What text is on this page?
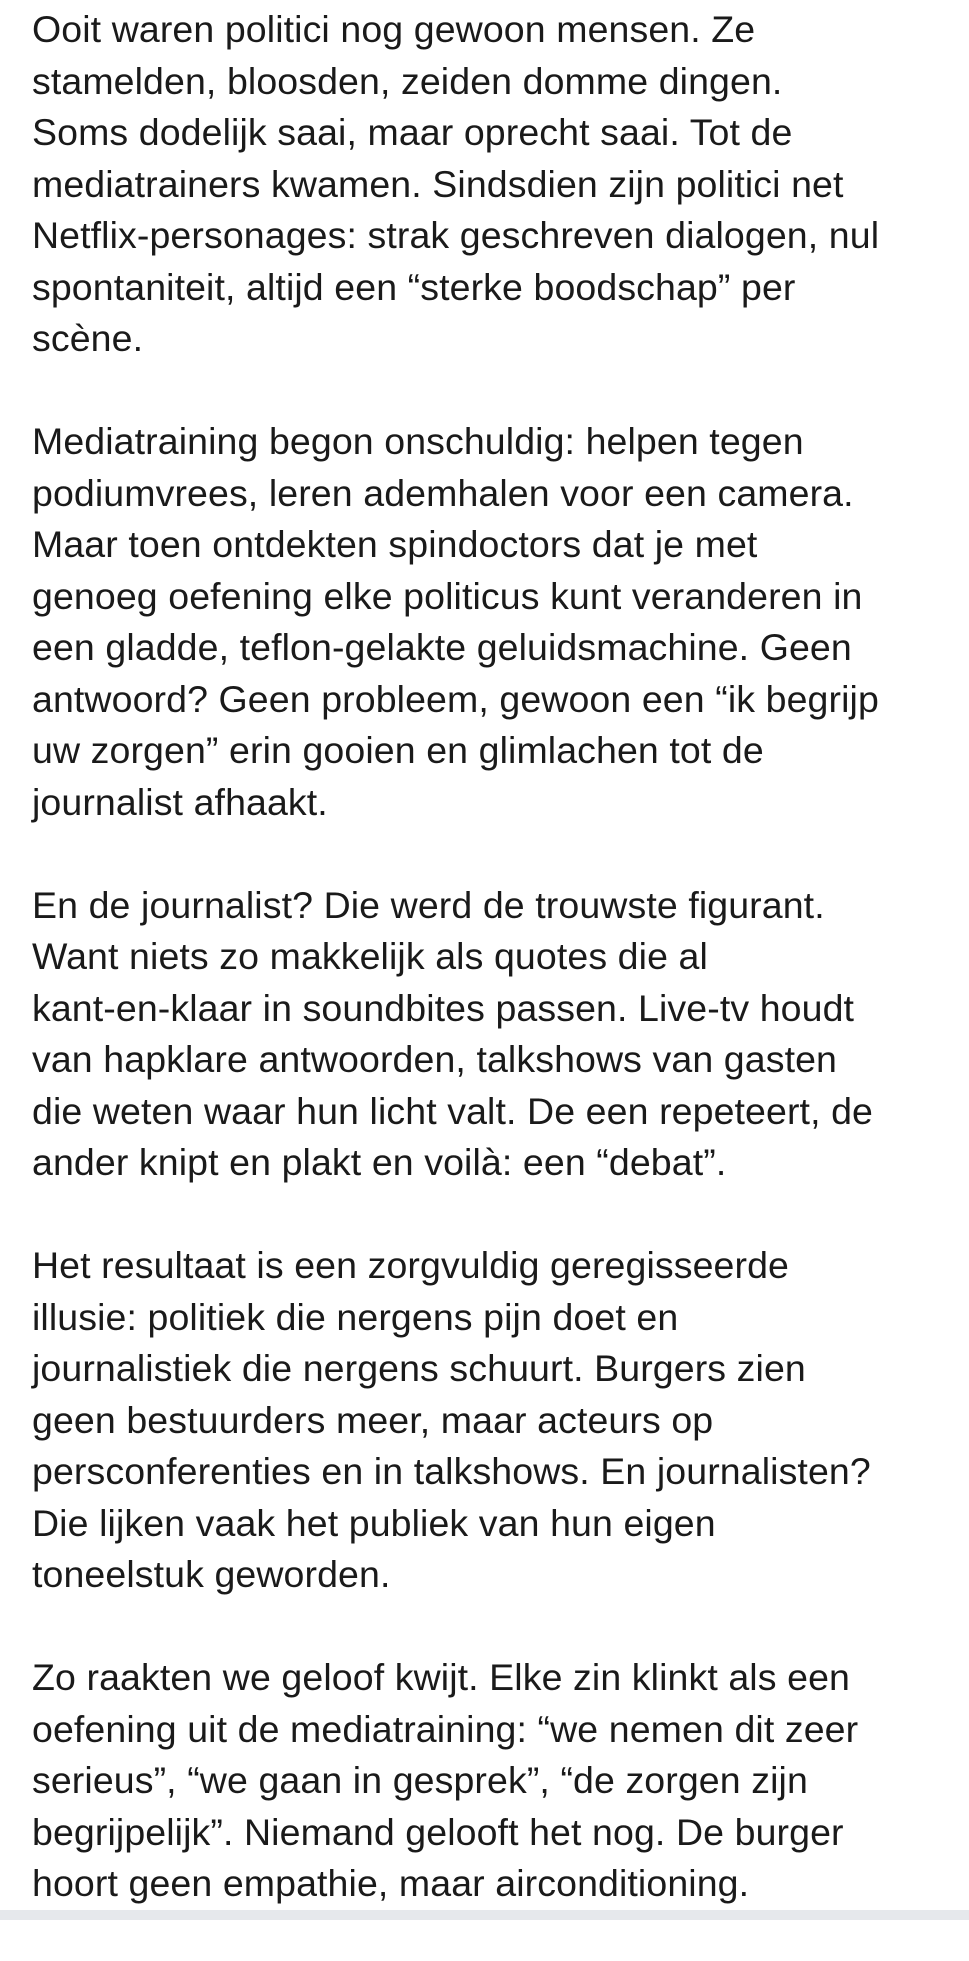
Ooit waren politici nog gewoon mensen. Ze
stamelden, bloosden, zeiden domme dingen.
Soms dodelijk saai, maar oprecht saai. Tot de
mediatrainers kwamen. Sindsdien zijn politici net
Netflix-personages: strak geschreven dialogen, nul
spontaniteit, altijd een “sterke boodschap” per
scène.

Mediatraining begon onschuldig: helpen tegen
podiumvrees, leren ademhalen voor een camera.
Maar toen ontdekten spindoctors dat je met
genoeg oefening elke politicus kunt veranderen in
een gladde, teflon-gelakte geluidsmachine. Geen
antwoord? Geen probleem, gewoon een “ik begrijp
uw zorgen” erin gooien en glimlachen tot de
journalist afhaakt.

En de journalist? Die werd de trouwste figurant.
Want niets zo makkelijk als quotes die al
kant-en-klaar in soundbites passen. Live-tv houdt
van hapklare antwoorden, talkshows van gasten
die weten waar hun licht valt. De een repeteert, de
ander knipt en plakt en voilà: een “debat”.

Het resultaat is een zorgvuldig geregisseerde
illusie: politiek die nergens pijn doet en
journalistiek die nergens schuurt. Burgers zien
geen bestuurders meer, maar acteurs op
persconferenties en in talkshows. En journalisten?
Die lijken vaak het publiek van hun eigen
toneelstuk geworden.

Zo raakten we geloof kwijt. Elke zin klinkt als een
oefening uit de mediatraining: “we nemen dit zeer
serieus”, “we gaan in gesprek”, “de zorgen zijn
begrijpelijk”. Niemand gelooft het nog. De burger
hoort geen empathie, maar airconditioning.
